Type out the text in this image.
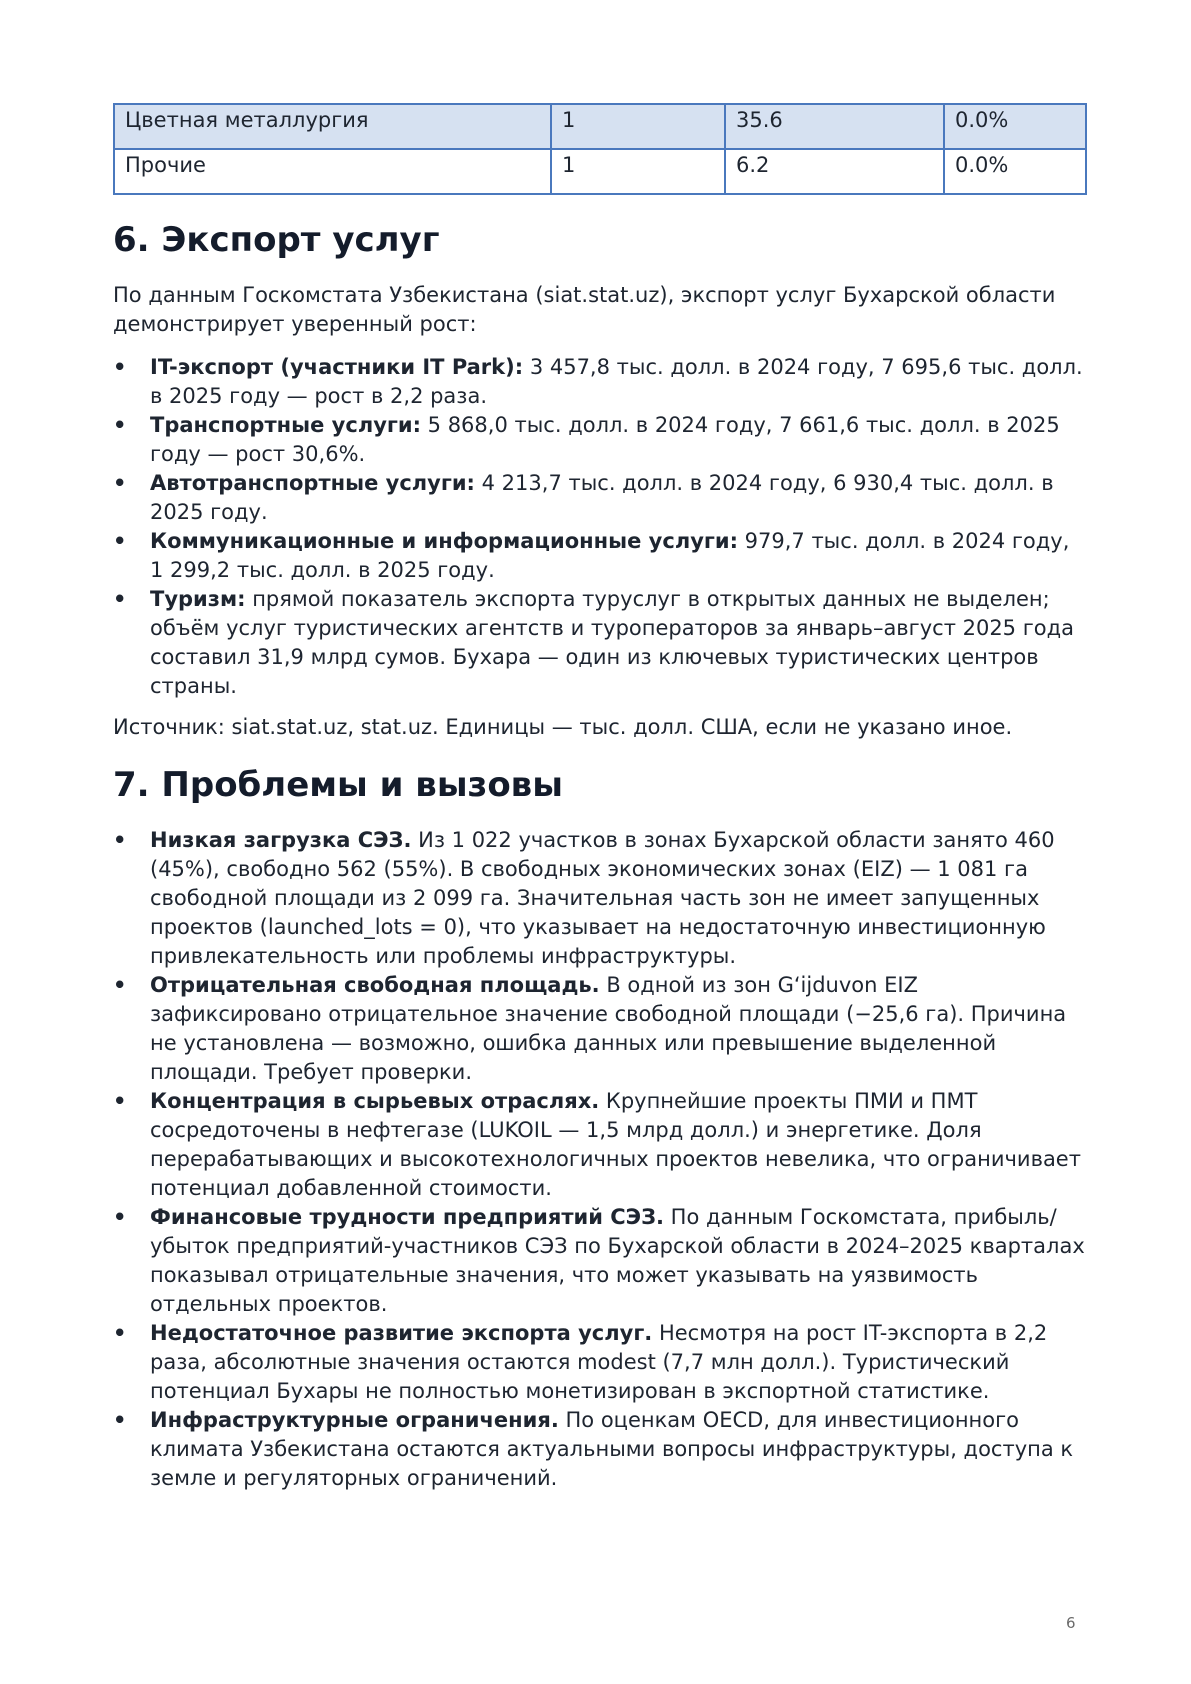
Цветная металлургия	1	35.6	0.0%
Прочие	1	6.2	0.0%
6. Экспорт услуг

По данным Госкомстата Узбекистана (siat.stat.uz), экспорт услуг Бухарской области демонстрирует уверенный рост:

• IT-экспорт (участники IT Park): 3 457,8 тыс. долл. в 2024 году, 7 695,6 тыс. долл. в 2025 году — рост в 2,2 раза.
• Транспортные услуги: 5 868,0 тыс. долл. в 2024 году, 7 661,6 тыс. долл. в 2025 году — рост 30,6%.
• Автотранспортные услуги: 4 213,7 тыс. долл. в 2024 году, 6 930,4 тыс. долл. в 2025 году.
• Коммуникационные и информационные услуги: 979,7 тыс. долл. в 2024 году, 1 299,2 тыс. долл. в 2025 году.
• Туризм: прямой показатель экспорта туруслуг в открытых данных не выделен; объём услуг туристических агентств и туроператоров за январь–август 2025 года составил 31,9 млрд сумов. Бухара — один из ключевых туристических центров страны.

Источник: siat.stat.uz, stat.uz. Единицы — тыс. долл. США, если не указано иное.

7. Проблемы и вызовы
• Низкая загрузка СЭЗ. Из 1 022 участков в зонах Бухарской области занято 460 (45%), свободно 562 (55%). В свободных экономических зонах (EIZ) — 1 081 га свободной площади из 2 099 га. Значительная часть зон не имеет запущенных проектов (launched_lots = 0), что указывает на недостаточную инвестиционную привлекательность или проблемы инфраструктуры.
• Отрицательная свободная площадь. В одной из зон G‘ijduvon EIZ зафиксировано отрицательное значение свободной площади (−25,6 га). Причина не установлена — возможно, ошибка данных или превышение выделенной площади. Требует проверки.
• Концентрация в сырьевых отраслях. Крупнейшие проекты ПМИ и ПМТ сосредоточены в нефтегазе (LUKOIL — 1,5 млрд долл.) и энергетике. Доля перерабатывающих и высокотехнологичных проектов невелика, что ограничивает потенциал добавленной стоимости.
• Финансовые трудности предприятий СЭЗ. По данным Госкомстата, прибыль/убыток предприятий-участников СЭЗ по Бухарской области в 2024–2025 кварталах показывал отрицательные значения, что может указывать на уязвимость отдельных проектов.
• Недостаточное развитие экспорта услуг. Несмотря на рост IT-экспорта в 2,2 раза, абсолютные значения остаются modest (7,7 млн долл.). Туристический потенциал Бухары не полностью монетизирован в экспортной статистике.
• Инфраструктурные ограничения. По оценкам OECD, для инвестиционного климата Узбекистана остаются актуальными вопросы инфраструктуры, доступа к земле и регуляторных ограничений.
6
